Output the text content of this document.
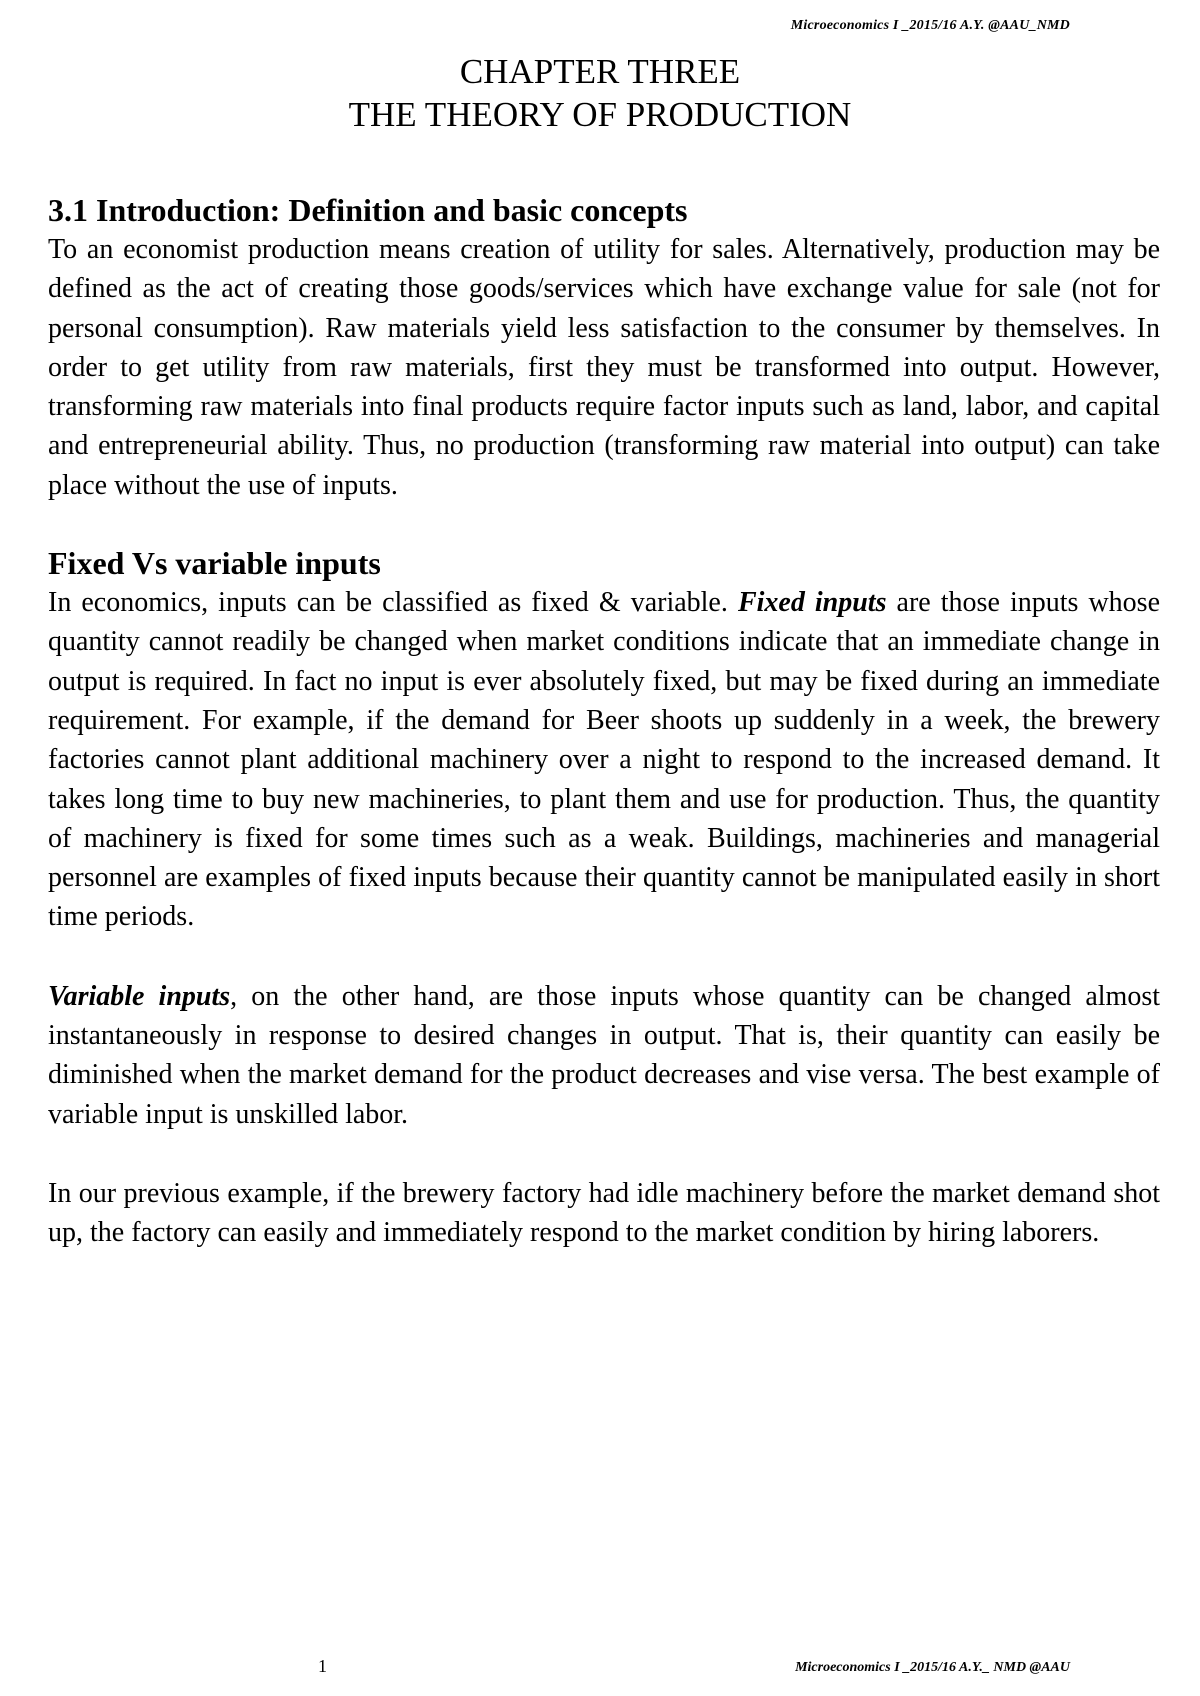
Microeconomics I _2015/16 A.Y. @AAU_NMD
CHAPTER THREE
THE THEORY OF PRODUCTION
3.1 Introduction: Definition and basic concepts

To an economist production means creation of utility for sales. Alternatively, production may be defined as the act of creating those goods/services which have exchange value for sale (not for personal consumption). Raw materials yield less satisfaction to the consumer by themselves. In order to get utility from raw materials, first they must be transformed into output. However, transforming raw materials into final products require factor inputs such as land, labor, and capital and entrepreneurial ability. Thus, no production (transforming raw material into output) can take place without the use of inputs.

Fixed Vs variable inputs

In economics, inputs can be classified as fixed & variable. Fixed inputs are those inputs whose quantity cannot readily be changed when market conditions indicate that an immediate change in output is required. In fact no input is ever absolutely fixed, but may be fixed during an immediate requirement. For example, if the demand for Beer shoots up suddenly in a week, the brewery factories cannot plant additional machinery over a night to respond to the increased demand. It takes long time to buy new machineries, to plant them and use for production. Thus, the quantity of machinery is fixed for some times such as a weak. Buildings, machineries and managerial personnel are examples of fixed inputs because their quantity cannot be manipulated easily in short time periods.

Variable inputs, on the other hand, are those inputs whose quantity can be changed almost instantaneously in response to desired changes in output. That is, their quantity can easily be diminished when the market demand for the product decreases and vise versa. The best example of variable input is unskilled labor.

In our previous example, if the brewery factory had idle machinery before the market demand shot up, the factory can easily and immediately respond to the market condition by hiring laborers.

1	Microeconomics I _2015/16 A.Y._ NMD @AAU
